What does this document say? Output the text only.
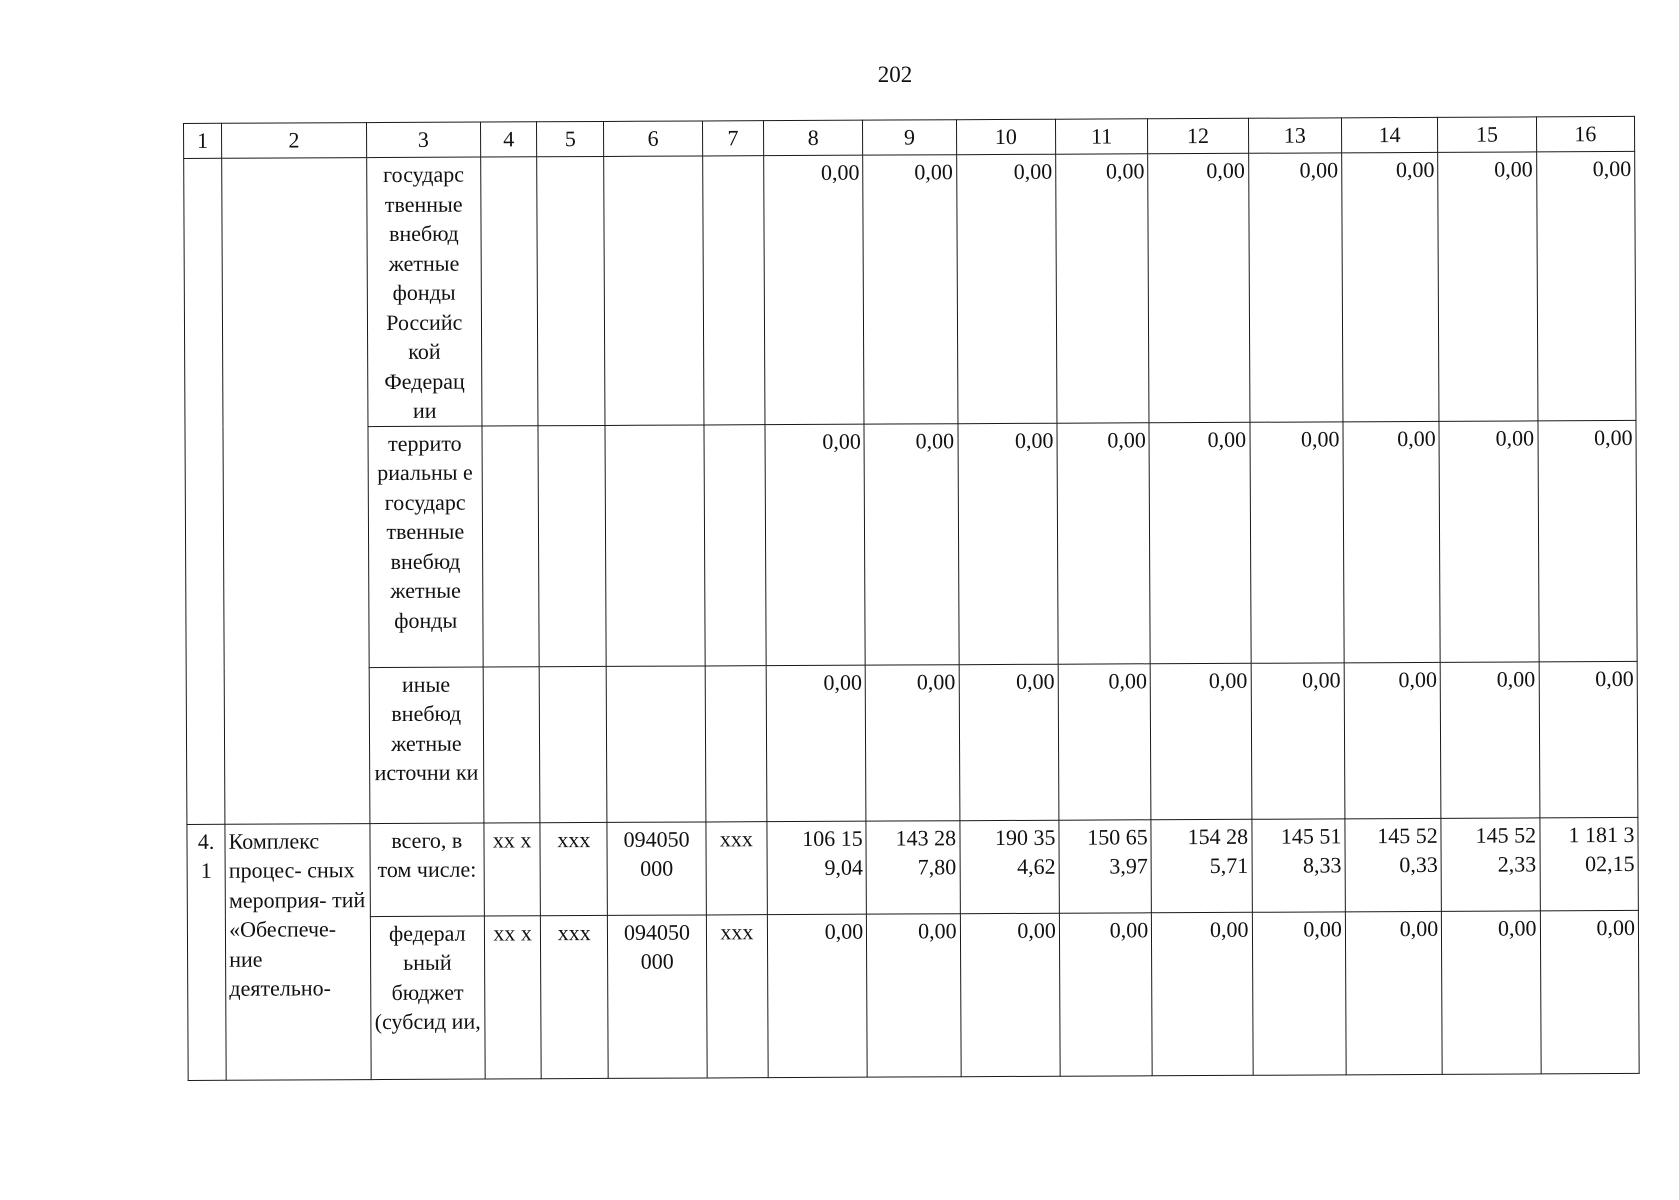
202
1	2	3	4	5	6	7	8	9	10	11	12	13	14	15	16
		государс твенные внебюд жетные фонды Российс кой Федерац ии					0,00	0,00	0,00	0,00	0,00	0,00	0,00	0,00	0,00
		террито риальны е государс твенные внебюд жетные фонды					0,00	0,00	0,00	0,00	0,00	0,00	0,00	0,00	0,00
		иные внебюд жетные источни ки					0,00	0,00	0,00	0,00	0,00	0,00	0,00	0,00	0,00
4. 1	Комплекс процес- сных мероприя- тий «Обеспече- ние деятельно-	всего, в том числе:	хх х	ххх	094050 000	ххх	106 15 9,04	143 28 7,80	190 35 4,62	150 65 3,97	154 28 5,71	145 51 8,33	145 52 0,33	145 52 2,33	1 181 3 02,15
		федерал ьный бюджет (субсид ии,	хх х	ххх	094050 000	ххх	0,00	0,00	0,00	0,00	0,00	0,00	0,00	0,00	0,00
